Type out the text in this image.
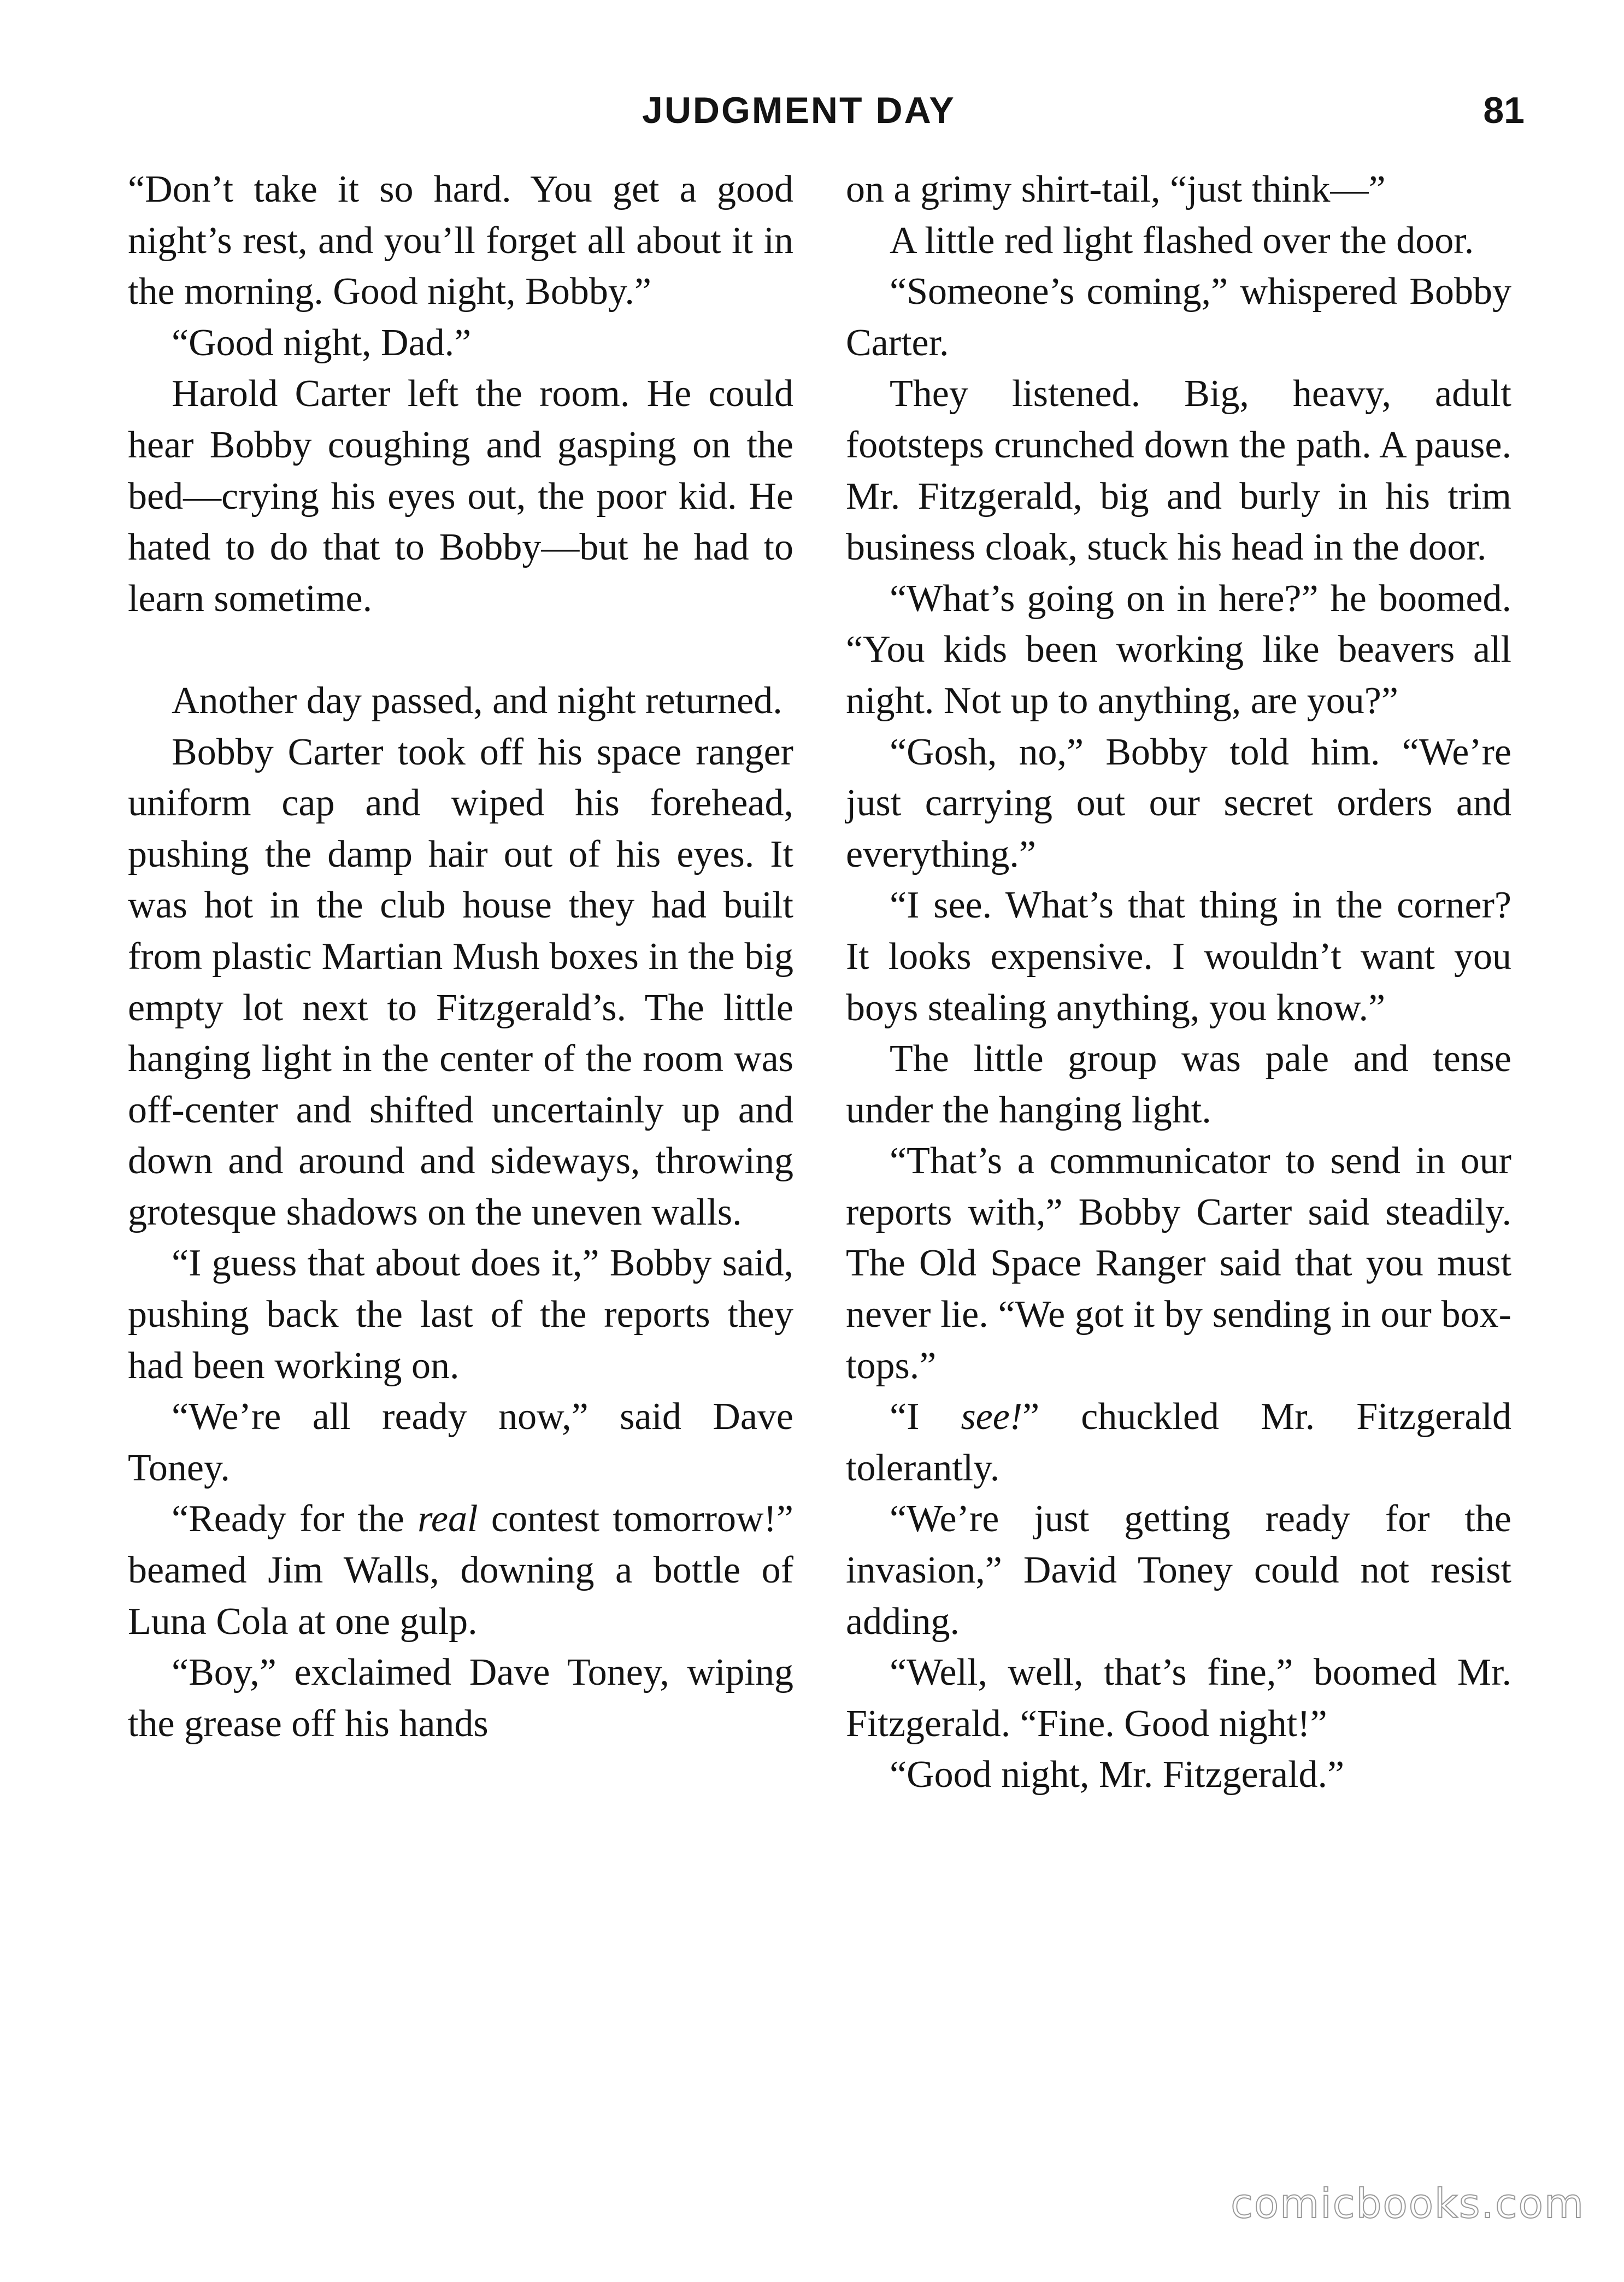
JUDGMENT DAY	81

“Don’t take it so hard. You get a good night’s rest, and you’ll forget all about it in the morning. Good night, Bobby.”

“Good night, Dad.”

Harold Carter left the room. He could hear Bobby coughing and gasping on the bed—crying his eyes out, the poor kid. He hated to do that to Bobby—but he had to learn sometime.

Another day passed, and night returned.

Bobby Carter took off his space ranger uniform cap and wiped his forehead, pushing the damp hair out of his eyes. It was hot in the club house they had built from plastic Martian Mush boxes in the big empty lot next to Fitzgerald’s. The little hanging light in the center of the room was off-center and shifted uncertainly up and down and around and sideways, throwing grotesque shadows on the uneven walls.

“I guess that about does it,” Bobby said, pushing back the last of the reports they had been working on.

“We’re all ready now,” said Dave Toney.

“Ready for the real contest tomorrow!” beamed Jim Walls, downing a bottle of Luna Cola at one gulp.

“Boy,” exclaimed Dave Toney, wiping the grease off his hands

on a grimy shirt-tail, “just think—”

A little red light flashed over the door.

“Someone’s coming,” whispered Bobby Carter.

They listened. Big, heavy, adult footsteps crunched down the path. A pause. Mr. Fitzgerald, big and burly in his trim business cloak, stuck his head in the door.

“What’s going on in here?” he boomed. “You kids been working like beavers all night. Not up to anything, are you?”

“Gosh, no,” Bobby told him. “We’re just carrying out our secret orders and everything.”

“I see. What’s that thing in the corner? It looks expensive. I wouldn’t want you boys stealing anything, you know.”

The little group was pale and tense under the hanging light.

“That’s a communicator to send in our reports with,” Bobby Carter said steadily. The Old Space Ranger said that you must never lie. “We got it by sending in our box-tops.”

“I see!” chuckled Mr. Fitzgerald tolerantly.

“We’re just getting ready for the invasion,” David Toney could not resist adding.

“Well, well, that’s fine,” boomed Mr. Fitzgerald. “Fine. Good night!”

“Good night, Mr. Fitzgerald.”

comicbooks.com
